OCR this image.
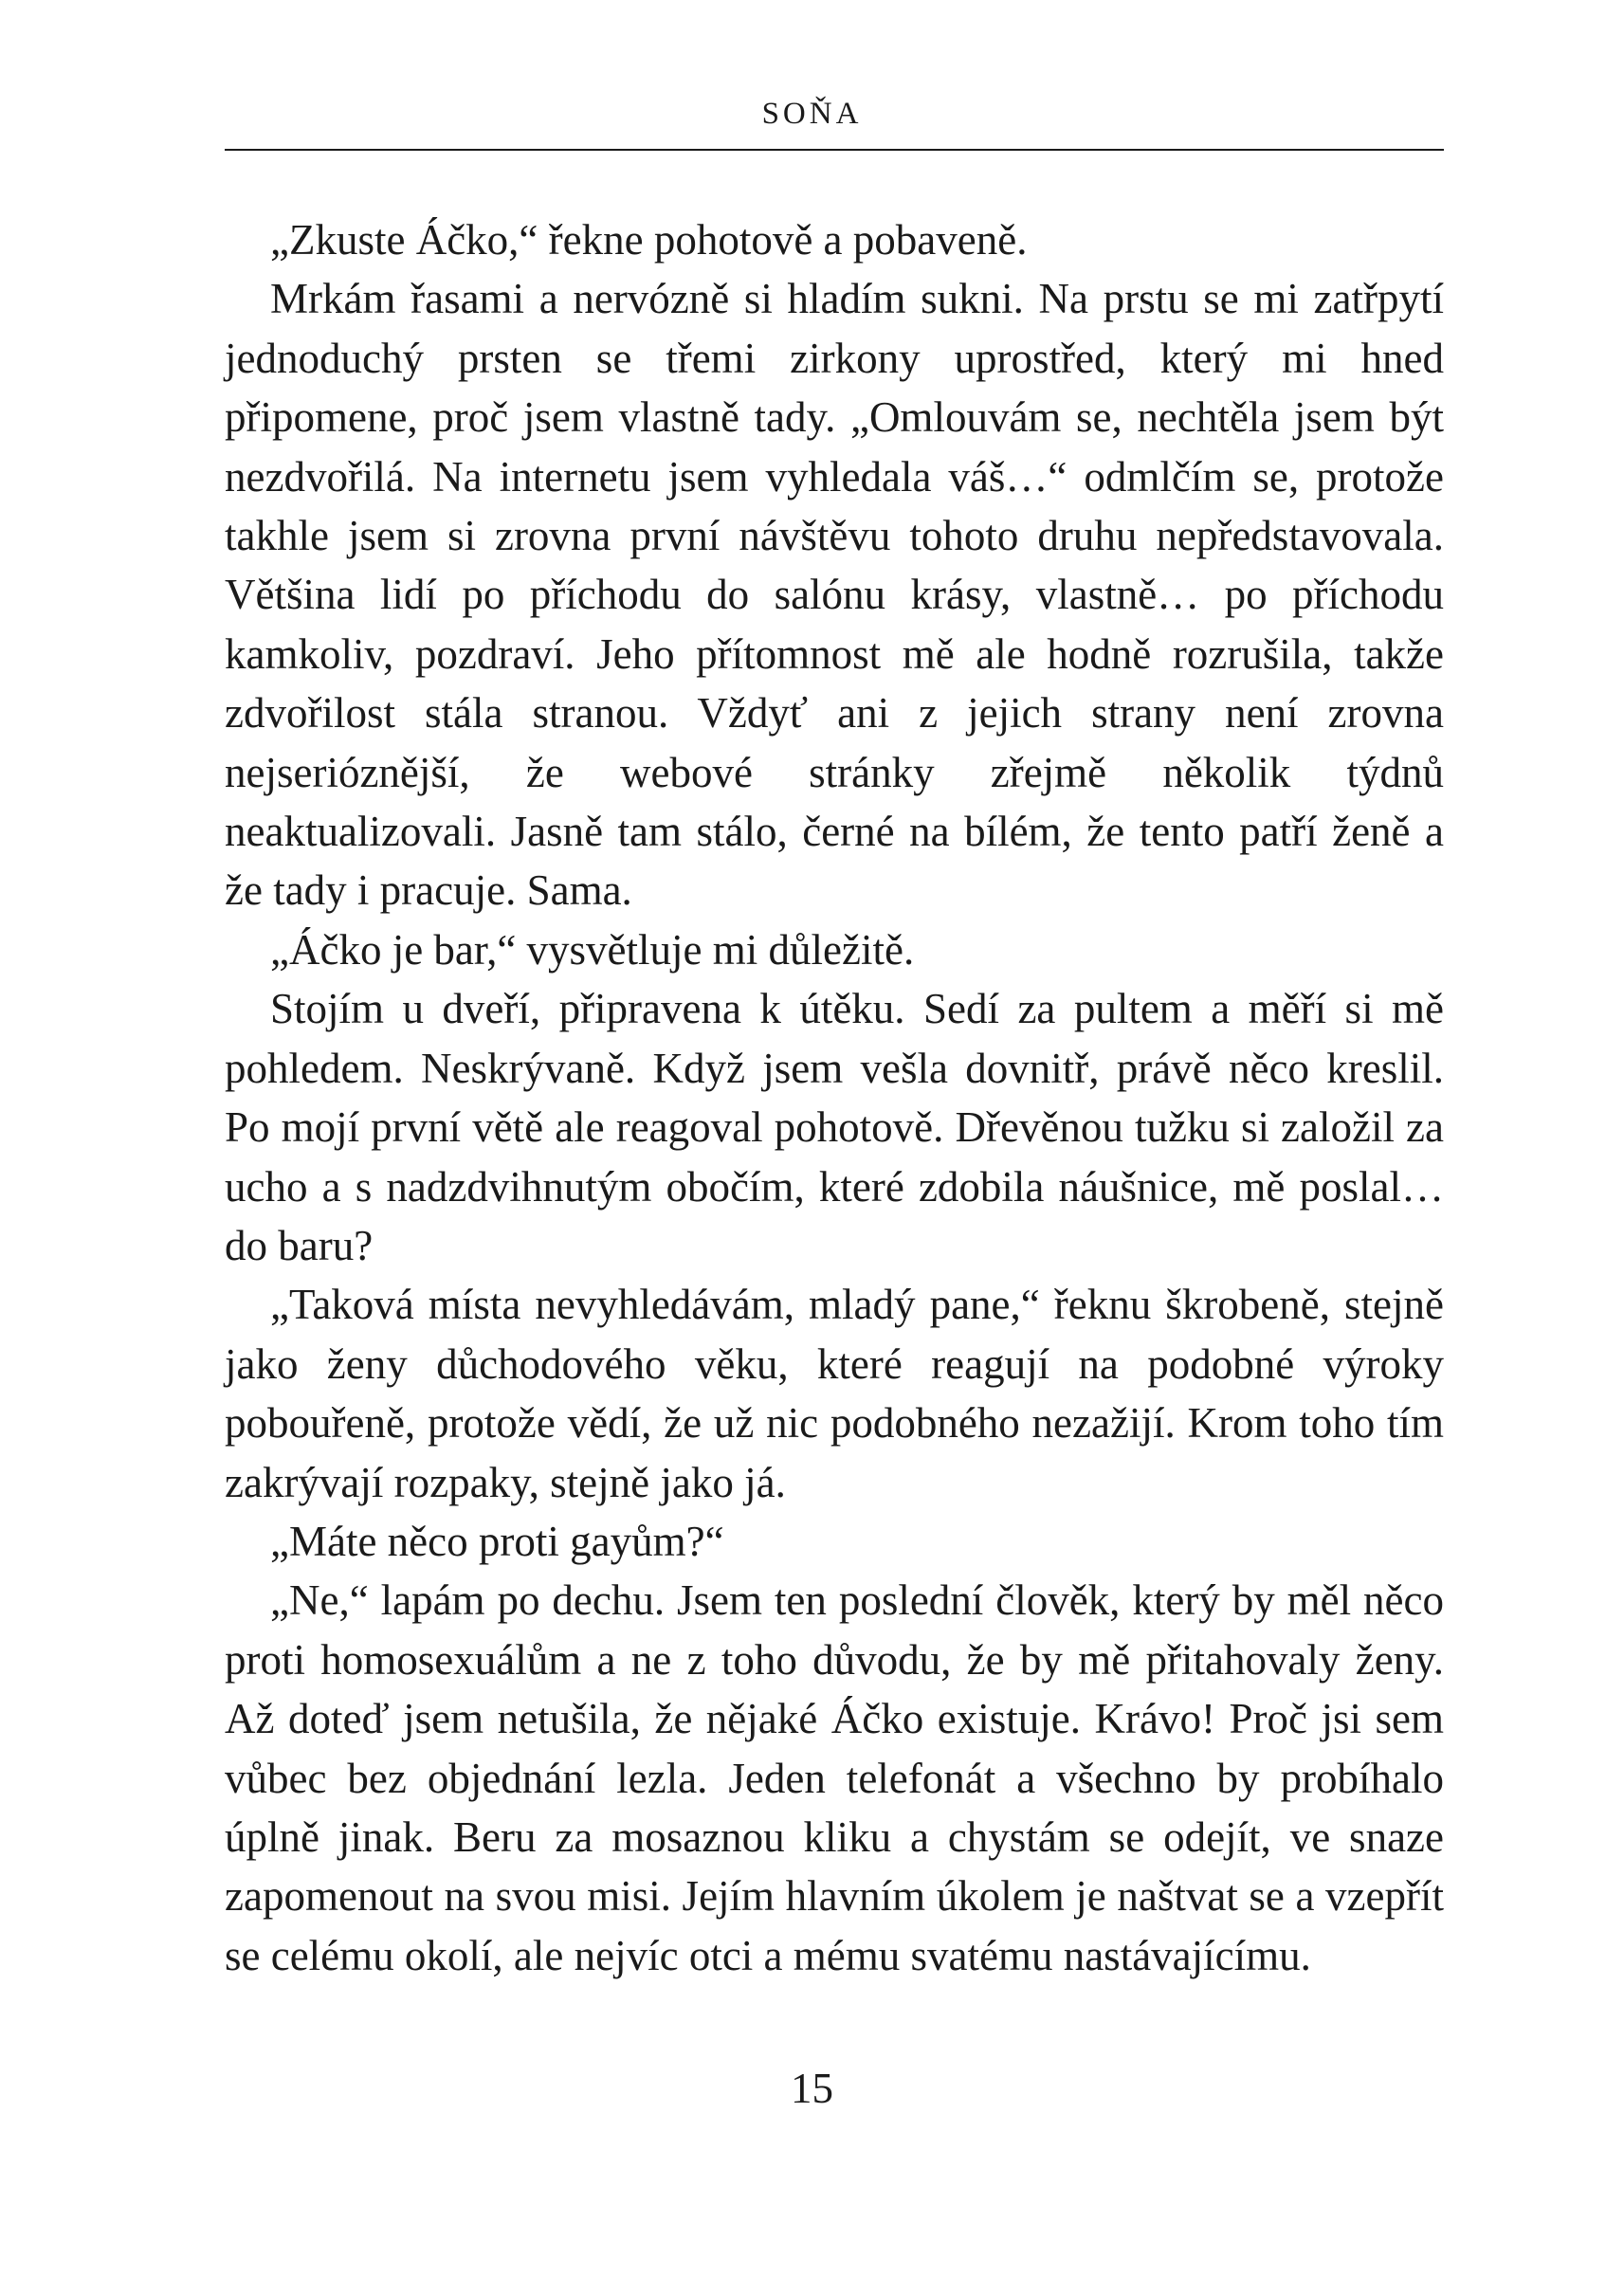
SOŇA

„Zkuste Áčko,“ řekne pohotově a pobaveně.

Mrkám řasami a nervózně si hladím sukni. Na prstu se mi zatřpytí jednoduchý prsten se třemi zirkony uprostřed, který mi hned připomene, proč jsem vlastně tady. „Omlouvám se, nechtěla jsem být nezdvořilá. Na internetu jsem vyhledala váš…“ odmlčím se, protože takhle jsem si zrovna první návštěvu tohoto druhu nepředstavovala. Většina lidí po příchodu do salónu krásy, vlastně… po příchodu kamkoliv, pozdraví. Jeho přítomnost mě ale hodně rozrušila, takže zdvořilost stála stranou. Vždyť ani z jejich strany není zrovna nejserióznější, že webové stránky zřejmě několik týdnů neaktualizovali. Jasně tam stálo, černé na bílém, že tento patří ženě a že tady i pracuje. Sama.

„Áčko je bar,“ vysvětluje mi důležitě.

Stojím u dveří, připravena k útěku. Sedí za pultem a měří si mě pohledem. Neskrývaně. Když jsem vešla dovnitř, právě něco kreslil. Po mojí první větě ale reagoval pohotově. Dřevěnou tužku si založil za ucho a s nadzdvihnutým obočím, které zdobila náušnice, mě poslal… do baru?

„Taková místa nevyhledávám, mladý pane,“ řeknu škrobeně, stejně jako ženy důchodového věku, které reagují na podobné výroky pobouřeně, protože vědí, že už nic podobného nezažijí. Krom toho tím zakrývají rozpaky, stejně jako já.

„Máte něco proti gayům?“

„Ne,“ lapám po dechu. Jsem ten poslední člověk, který by měl něco proti homosexuálům a ne z toho důvodu, že by mě přitahovaly ženy. Až doteď jsem netušila, že nějaké Áčko existuje. Krávo! Proč jsi sem vůbec bez objednání lezla. Jeden telefonát a všechno by probíhalo úplně jinak. Beru za mosaznou kliku a chystám se odejít, ve snaze zapomenout na svou misi. Jejím hlavním úkolem je naštvat se a vzepřít se celému okolí, ale nejvíc otci a mému svatému nastávajícímu.

15
